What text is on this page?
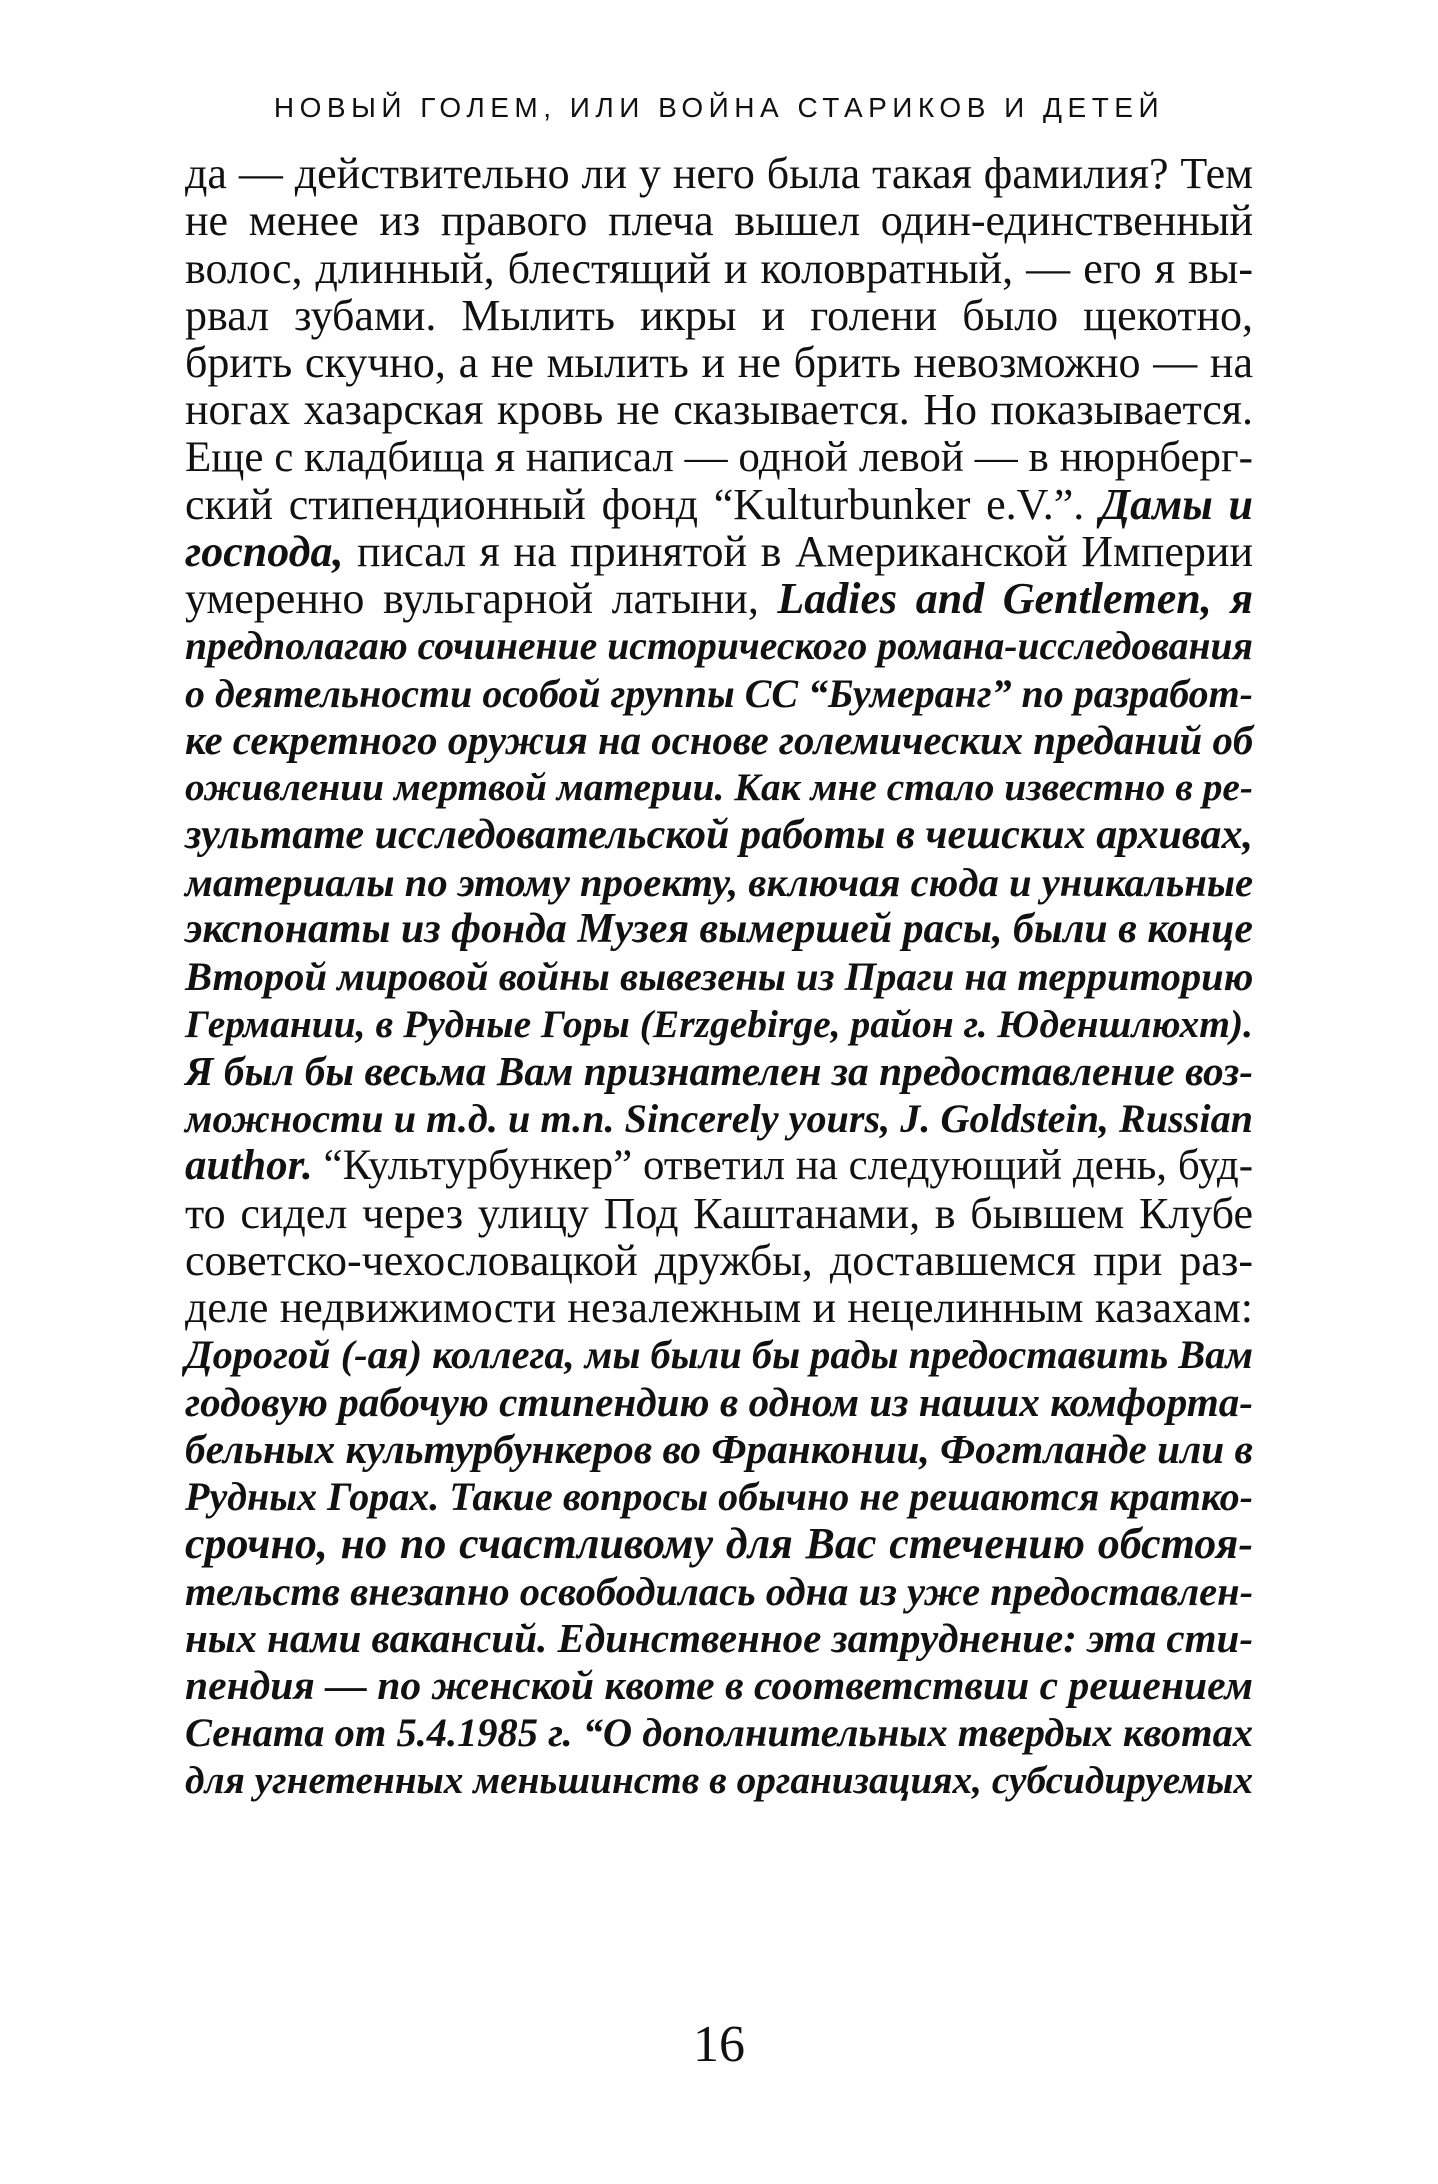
НОВЫЙ ГОЛЕМ, ИЛИ ВОЙНА СТАРИКОВ И ДЕТЕЙ
да — действительно ли у него была такая фамилия? Тем
не менее из правого плеча вышел один-единственный
волос, длинный, блестящий и коловратный, — его я вы-
рвал зубами. Мылить икры и голени было щекотно,
брить скучно, а не мылить и не брить невозможно — на
ногах хазарская кровь не сказывается. Но показывается.
Еще с кладбища я написал — одной левой — в нюрнберг-
ский стипендионный фонд “Kulturbunker e.V.”. Дамы и
господа, писал я на принятой в Американской Империи
умеренно вульгарной латыни, Ladies and Gentlemen, я
предполагаю сочинение исторического романа-исследования
о деятельности особой группы СС “Бумеранг” по разработ-
ке секретного оружия на основе големических преданий об
оживлении мертвой материи. Как мне стало известно в ре-
зультате исследовательской работы в чешских архивах,
материалы по этому проекту, включая сюда и уникальные
экспонаты из фонда Музея вымершей расы, были в конце
Второй мировой войны вывезены из Праги на территорию
Германии, в Рудные Горы (Erzgebirge, район г. Юденшлюхт).
Я был бы весьма Вам признателен за предоставление воз-
можности и т.д. и т.п. Sincerely yours, J. Goldstein, Russian
author. “Культурбункер” ответил на следующий день, буд-
то сидел через улицу Под Каштанами, в бывшем Клубе
советско-чехословацкой дружбы, доставшемся при раз-
деле недвижимости незалежным и нецелинным казахам:
Дорогой (-ая) коллега, мы были бы рады предоставить Вам
годовую рабочую стипендию в одном из наших комфорта-
бельных культурбункеров во Франконии, Фогтланде или в
Рудных Горах. Такие вопросы обычно не решаются кратко-
срочно, но по счастливому для Вас стечению обстоя-
тельств внезапно освободилась одна из уже предоставлен-
ных нами вакансий. Единственное затруднение: эта сти-
пендия — по женской квоте в соответствии с решением
Сената от 5.4.1985 г. “О дополнительных твердых квотах
для угнетенных меньшинств в организациях, субсидируемых
16
